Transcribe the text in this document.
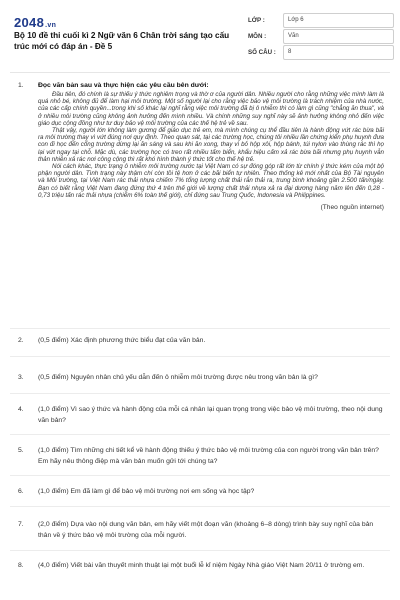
2048.vn
Bộ 10 đề thi cuối kì 2 Ngữ văn 6 Chân trời sáng tạo cấu trúc mới có đáp án - Đề 5
LỚP :	Lớp 6
MÔN :	Văn
SỐ CÂU :	8
1.	Đọc văn bản sau và thực hiện các yêu cầu bên dưới:

Đầu tiên, đó chính là sự thiếu ý thức nghiêm trọng và thờ ơ của người dân. Nhiều người cho rằng những việc mình làm là quá nhỏ bé, không đủ để làm hại môi trường. Một số người lại cho rằng việc bảo vệ môi trường là trách nhiệm của nhà nước, của các cấp chính quyền...trong khi số khác lại nghĩ rằng việc môi trường đã bị ô nhiễm thì có làm gì cũng "chẳng ăn thua", và ở nhiều môi trường cũng không ảnh hưởng đến mình nhiều. Và chính những suy nghĩ này sẽ ảnh hưởng không nhỏ đến việc giáo dục cộng đồng như tư duy bảo vệ môi trường của các thế hệ trẻ về sau.

Thật vậy, người lớn không làm gương để giáo dục trẻ em, mà mình chúng cụ thể đầu tiên là hành động vứt rác bừa bãi ra môi trường thay vì vứt đúng nơi quy định. Theo quan sát, tại các trường học, chúng tôi nhiều lần chứng kiến phụ huynh đưa con đi học đến cổng trường dừng lại ăn sáng và sau khi ăn xong, thay vì bỏ hộp xôi, hộp bánh, túi nylon vào thùng rác thì họ lại vứt ngay tại chỗ. Mặc dù, các trường học có treo rất nhiều tấm biển, khẩu hiệu cấm xả rác bừa bãi nhưng phụ huynh vẫn thản nhiên xả rác nơi công cộng thì rất khó hình thành ý thức tốt cho thế hệ trẻ.

Nói cách khác, thực trạng ô nhiễm môi trường nước tại Việt Nam có sự đóng góp rất lớn từ chính ý thức kém của một bộ phận người dân. Tình trạng này thậm chí còn tồi tệ hơn ở các bãi biển tự nhiên. Theo thống kê mới nhất của Bộ Tài nguyên và Môi trường, tại Việt Nam rác thải nhựa chiếm 7% tổng lượng chất thải rắn thải ra, trung bình khoảng gần 2.500 tấn/ngày. Bạn có biết rằng Việt Nam đang đứng thứ 4 trên thế giới về lượng chất thải nhựa xả ra đại dương hàng năm lên đến 0,28 - 0,73 triệu tấn rác thải nhựa (chiếm 6% toàn thế giới), chỉ đứng sau Trung Quốc, Indonesia và Philippines.

(Theo nguồn internet)
2.	(0,5 điểm) Xác định phương thức biểu đạt của văn bản.
3.	(0,5 điểm) Nguyên nhân chủ yếu dẫn đến ô nhiễm môi trường được nêu trong văn bản là gì?
4.	(1,0 điểm) Vì sao ý thức và hành động của mỗi cá nhân lại quan trọng trong việc bảo vệ môi trường, theo nội dung văn bản?
5.	(1,0 điểm) Tìm những chi tiết kể về hành động thiếu ý thức bảo vệ môi trường của con người trong văn bản trên? Em hãy nêu thông điệp mà văn bản muốn gửi tới chúng ta?
6.	(1,0 điểm) Em đã làm gì để bảo vệ môi trường nơi em sống và học tập?
7.	(2,0 điểm) Dựa vào nội dung văn bản, em hãy viết một đoạn văn (khoảng 6–8 dòng) trình bày suy nghĩ của bản thân về ý thức bảo vệ môi trường của mỗi người.
8.	(4,0 điểm) Viết bài văn thuyết minh thuật lại một buổi lễ kỉ niệm Ngày Nhà giáo Việt Nam 20/11 ở trường em.
